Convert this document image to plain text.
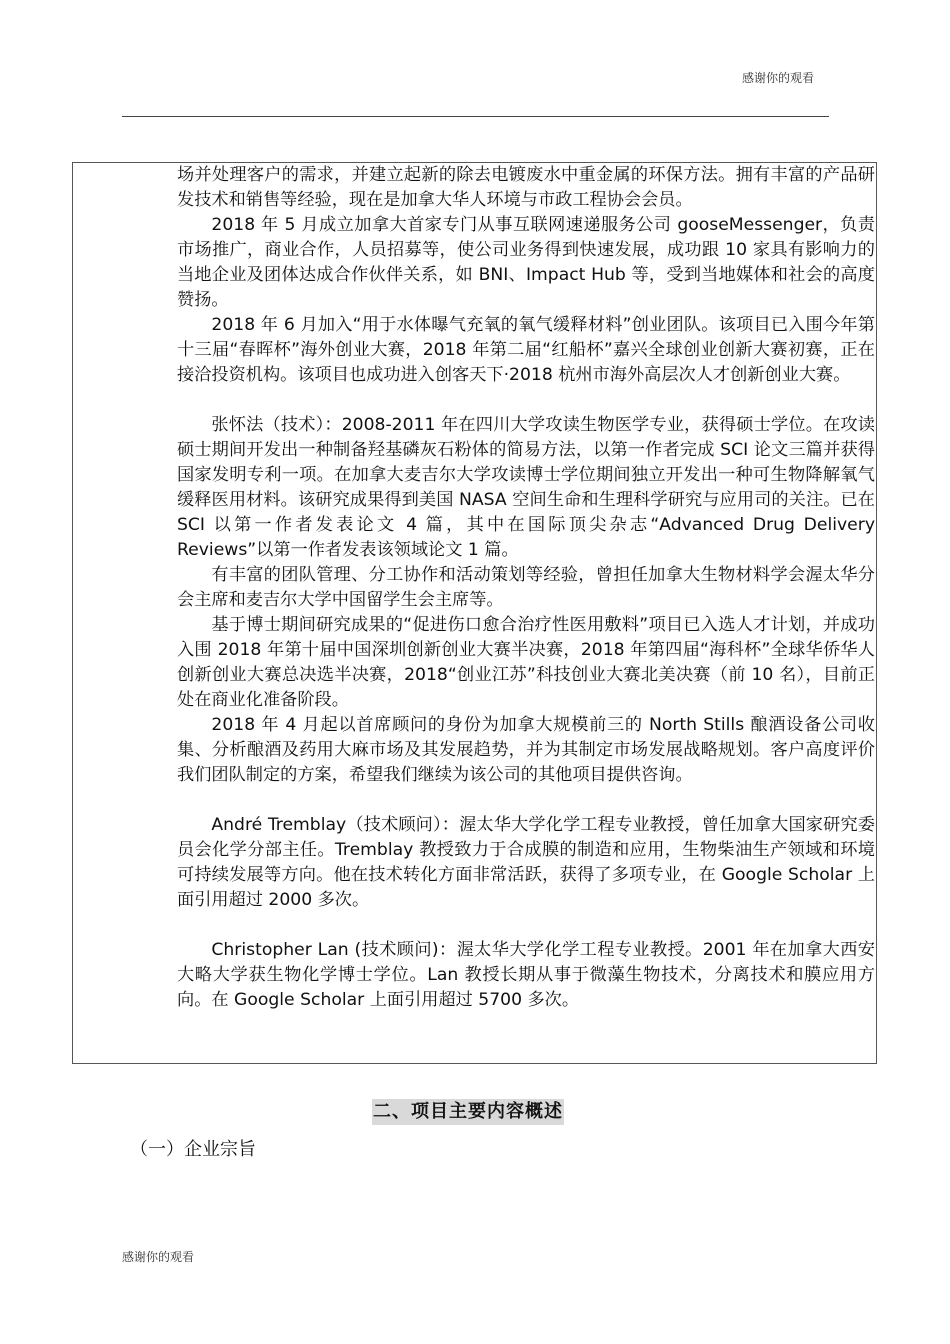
感谢你的观看

场并处理客户的需求，并建立起新的除去电镀废水中重金属的环保方法。拥有丰富的产品研发技术和销售等经验，现在是加拿大华人环境与市政工程协会会员。

2018 年 5 月成立加拿大首家专门从事互联网速递服务公司 gooseMessenger，负责市场推广，商业合作，人员招募等，使公司业务得到快速发展，成功跟 10 家具有影响力的当地企业及团体达成合作伙伴关系，如 BNI、Impact Hub 等，受到当地媒体和社会的高度赞扬。

2018 年 6 月加入“用于水体曝气充氧的氧气缓释材料”创业团队。该项目已入围今年第十三届“春晖杯”海外创业大赛，2018 年第二届“红船杯”嘉兴全球创业创新大赛初赛，正在接洽投资机构。该项目也成功进入创客天下·2018 杭州市海外高层次人才创新创业大赛。

张怀法（技术）：2008-2011 年在四川大学攻读生物医学专业，获得硕士学位。在攻读硕士期间开发出一种制备羟基磷灰石粉体的简易方法，以第一作者完成 SCI 论文三篇并获得国家发明专利一项。在加拿大麦吉尔大学攻读博士学位期间独立开发出一种可生物降解氧气缓释医用材料。该研究成果得到美国 NASA 空间生命和生理科学研究与应用司的关注。已在 SCI 以第一作者发表论文 4 篇，其中在国际顶尖杂志“Advanced Drug Delivery Reviews”以第一作者发表该领域论文 1 篇。

有丰富的团队管理、分工协作和活动策划等经验，曾担任加拿大生物材料学会渥太华分会主席和麦吉尔大学中国留学生会主席等。

基于博士期间研究成果的“促进伤口愈合治疗性医用敷料”项目已入选人才计划，并成功入围 2018 年第十届中国深圳创新创业大赛半决赛，2018 年第四届“海科杯”全球华侨华人创新创业大赛总决选半决赛，2018“创业江苏”科技创业大赛北美决赛（前 10 名），目前正处在商业化准备阶段。

2018 年 4 月起以首席顾问的身份为加拿大规模前三的 North Stills 酿酒设备公司收集、分析酿酒及药用大麻市场及其发展趋势，并为其制定市场发展战略规划。客户高度评价我们团队制定的方案，希望我们继续为该公司的其他项目提供咨询。

André Tremblay（技术顾问）：渥太华大学化学工程专业教授，曾任加拿大国家研究委员会化学分部主任。Tremblay 教授致力于合成膜的制造和应用，生物柴油生产领域和环境可持续发展等方向。他在技术转化方面非常活跃，获得了多项专业，在 Google Scholar 上面引用超过 2000 多次。

Christopher Lan (技术顾问)：渥太华大学化学工程专业教授。2001 年在加拿大西安大略大学获生物化学博士学位。Lan 教授长期从事于微藻生物技术，分离技术和膜应用方向。在 Google Scholar 上面引用超过 5700 多次。

二、项目主要内容概述
（一）企业宗旨
感谢你的观看
